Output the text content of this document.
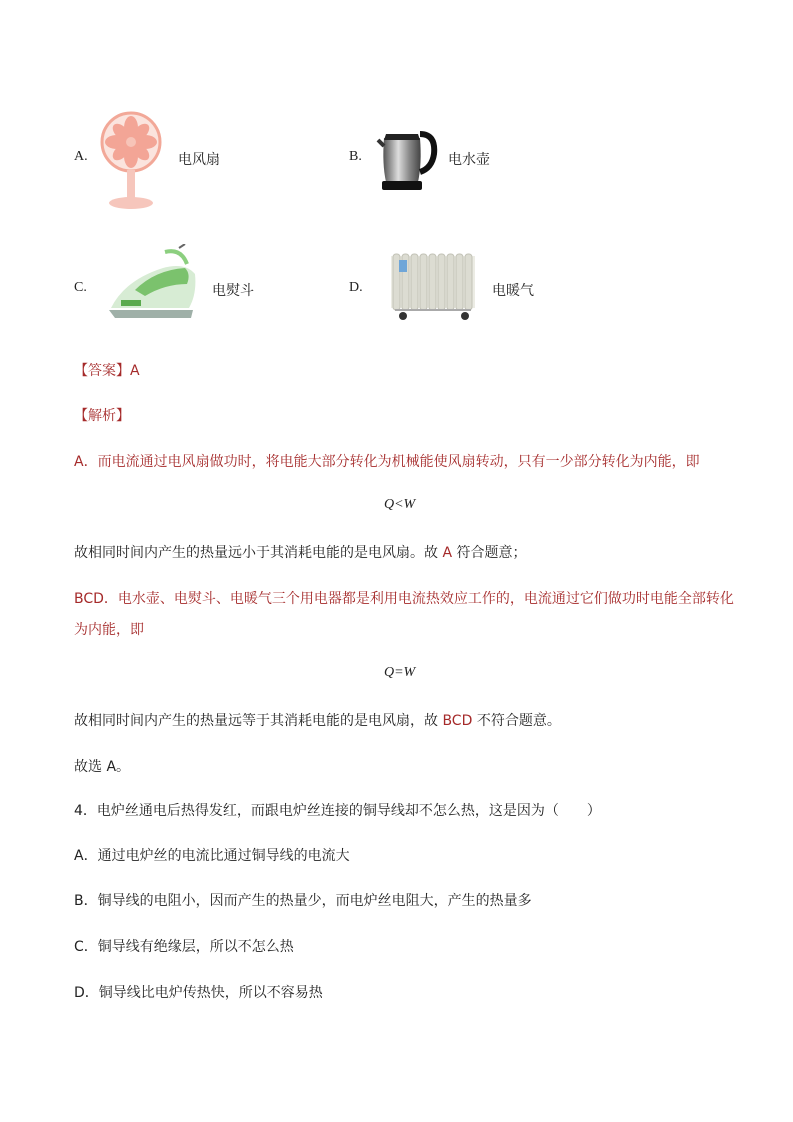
A.	电风扇	B.	电水壶
C.	电熨斗	D.	电暖气
【答案】A
【解析】
A．而电流通过电风扇做功时，将电能大部分转化为机械能使风扇转动，只有一少部分转化为内能，即
Q<W
故相同时间内产生的热量远小于其消耗电能的是电风扇。故 A 符合题意；
BCD．电水壶、电熨斗、电暖气三个用电器都是利用电流热效应工作的，电流通过它们做功时电能全部转化
为内能，即
Q=W
故相同时间内产生的热量远等于其消耗电能的是电风扇，故 BCD 不符合题意。
故选 A。
4．电炉丝通电后热得发红，而跟电炉丝连接的铜导线却不怎么热，这是因为（　　）
A．通过电炉丝的电流比通过铜导线的电流大
B．铜导线的电阻小，因而产生的热量少，而电炉丝电阻大，产生的热量多
C．铜导线有绝缘层，所以不怎么热
D．铜导线比电炉传热快，所以不容易热
